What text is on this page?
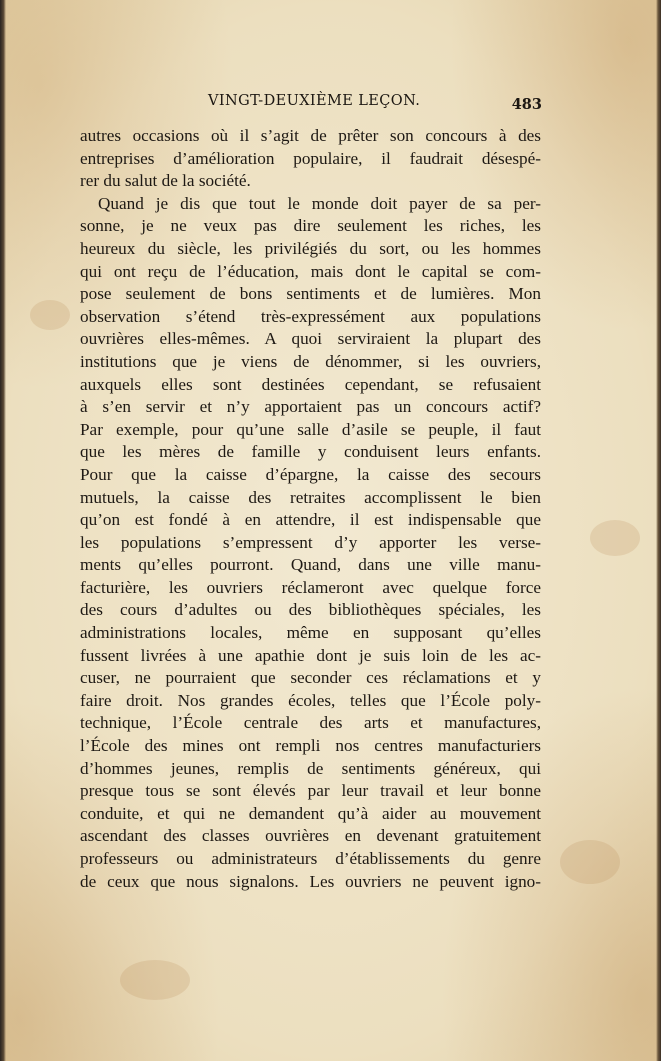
VINGT-DEUXIÈME LEÇON.	483
autres occasions où il s’agit de prêter son concours à des
entreprises d’amélioration populaire, il faudrait désespé-
rer du salut de la société.
Quand je dis que tout le monde doit payer de sa per-
sonne, je ne veux pas dire seulement les riches, les
heureux du siècle, les privilégiés du sort, ou les hommes
qui ont reçu de l’éducation, mais dont le capital se com-
pose seulement de bons sentiments et de lumières. Mon
observation s’étend très-expressément aux populations
ouvrières elles-mêmes. A quoi serviraient la plupart des
institutions que je viens de dénommer, si les ouvriers,
auxquels elles sont destinées cependant, se refusaient
à s’en servir et n’y apportaient pas un concours actif?
Par exemple, pour qu’une salle d’asile se peuple, il faut
que les mères de famille y conduisent leurs enfants.
Pour que la caisse d’épargne, la caisse des secours
mutuels, la caisse des retraites accomplissent le bien
qu’on est fondé à en attendre, il est indispensable que
les populations s’empressent d’y apporter les verse-
ments qu’elles pourront. Quand, dans une ville manu-
facturière, les ouvriers réclameront avec quelque force
des cours d’adultes ou des bibliothèques spéciales, les
administrations locales, même en supposant qu’elles
fussent livrées à une apathie dont je suis loin de les ac-
cuser, ne pourraient que seconder ces réclamations et y
faire droit. Nos grandes écoles, telles que l’École poly-
technique, l’École centrale des arts et manufactures,
l’École des mines ont rempli nos centres manufacturiers
d’hommes jeunes, remplis de sentiments généreux, qui
presque tous se sont élevés par leur travail et leur bonne
conduite, et qui ne demandent qu’à aider au mouvement
ascendant des classes ouvrières en devenant gratuitement
professeurs ou administrateurs d’établissements du genre
de ceux que nous signalons. Les ouvriers ne peuvent igno-
